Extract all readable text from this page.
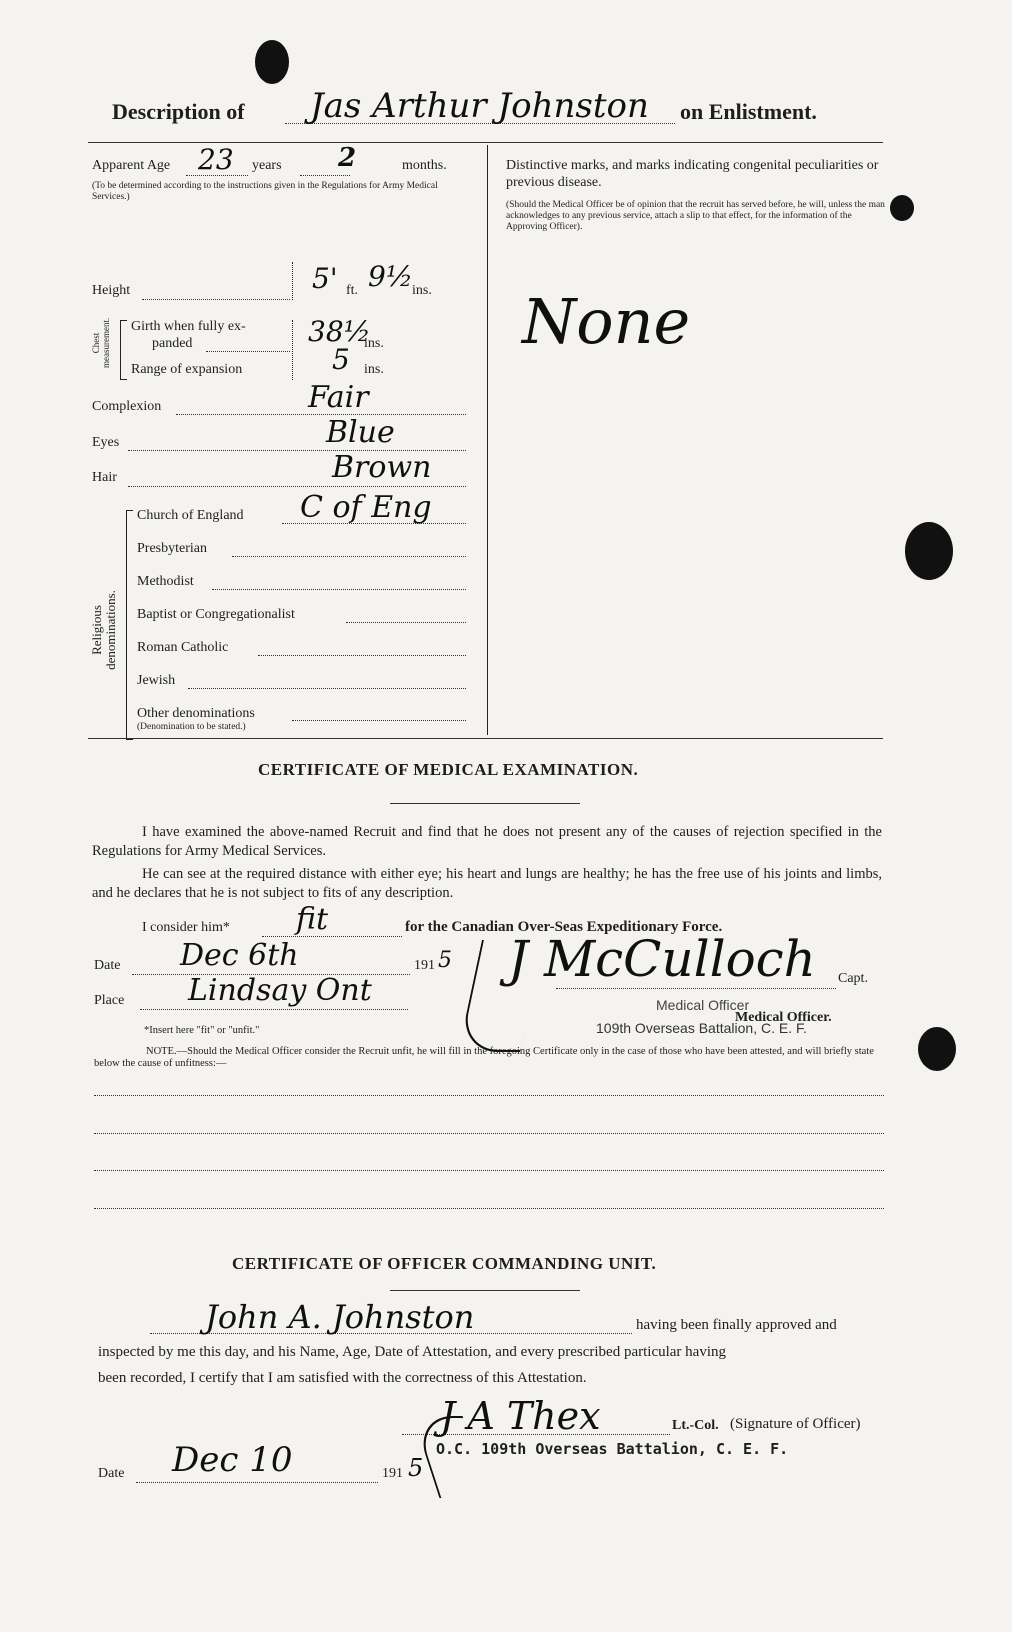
Description of Jas Arthur Johnston on Enlistment.
Apparent Age 23 years 2	months.
(To be determined according to the instructions given in the Regulations for Army Medical Services.)
Height	5' ft. 9½ ins.
Chest measurement. Girth when fully ex-
panded	38½
ins.
Range of expansion	5 ins.
Complexion	Fair
Eyes	Blue
Hair	Brown
Religious denominations.
Church of England C of Eng
Presbyterian
Methodist
Baptist or Congregationalist
Roman Catholic
Jewish
Other denominations
(Denomination to be stated.)
Distinctive marks, and marks indicating congenital peculiarities or previous disease.
(Should the Medical Officer be of opinion that the recruit has served before, he will, unless the man acknowledges to any previous service, attach a slip to that effect, for the information of the Approving Officer).
None
CERTIFICATE OF MEDICAL EXAMINATION.
I have examined the above-named Recruit and find that he does not present any of the causes of rejection specified in the Regulations for Army Medical Services.
He can see at the required distance with either eye; his heart and lungs are healthy; he has the free use of his joints and limbs, and he declares that he is not subject to fits of any description.
I consider him* fit	for the Canadian Over-Seas Expeditionary Force.
Date Dec 6th	191 5 J McCulloch Capt.
Place Lindsay Ont
Medical Officer.
Medical Officer
109th Overseas Battalion, C. E. F.
*Insert here "fit" or "unfit."
NOTE.—Should the Medical Officer consider the Recruit unfit, he will fill in the foregoing Certificate only in the case of those who have been attested, and will briefly state below the cause of unfitness:—
CERTIFICATE OF OFFICER COMMANDING UNIT.
John A. Johnston	having been finally approved and
inspected by me this day, and his Name, Age, Date of Attestation, and every prescribed particular having
been recorded, I certify that I am satisfied with the correctness of this Attestation.
J A Thex	Lt.-Col. (Signature of Officer)
O.C. 109th Overseas Battalion, C. E. F.
Date Dec 10	191 5
